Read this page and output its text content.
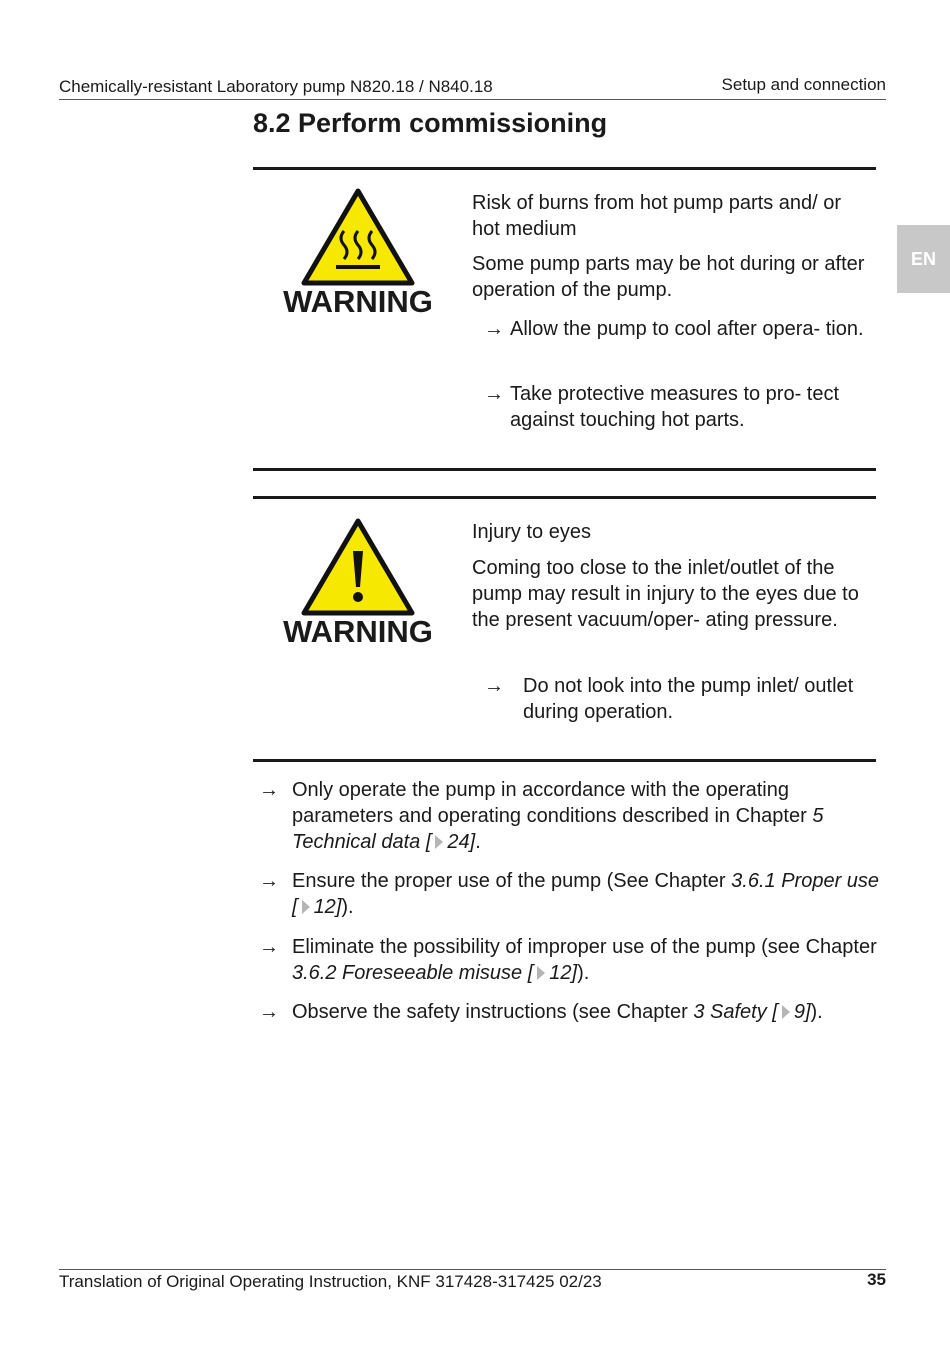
Chemically-resistant Laboratory pump N820.18 / N840.18	Setup and connection
8.2 Perform commissioning
EN
WARNING

Risk of burns from hot pump parts and/ or hot medium

Some pump parts may be hot during or after operation of the pump.

→ Allow the pump to cool after opera- tion.
→ Take protective measures to pro- tect against touching hot parts.
WARNING

Injury to eyes

Coming too close to the inlet/outlet of the pump may result in injury to the eyes due to the present vacuum/oper- ating pressure.

→ Do not look into the pump inlet/ outlet during operation.
→ Only operate the pump in accordance with the operating parameters and operating conditions described in Chapter 5 Technical data [ 24].
→ Ensure the proper use of the pump (See Chapter 3.6.1 Proper use [ 12]).
→ Eliminate the possibility of improper use of the pump (see Chapter 3.6.2 Foreseeable misuse [ 12]).
→ Observe the safety instructions (see Chapter 3 Safety [ 9]).
Translation of Original Operating Instruction, KNF 317428-317425 02/23	35
